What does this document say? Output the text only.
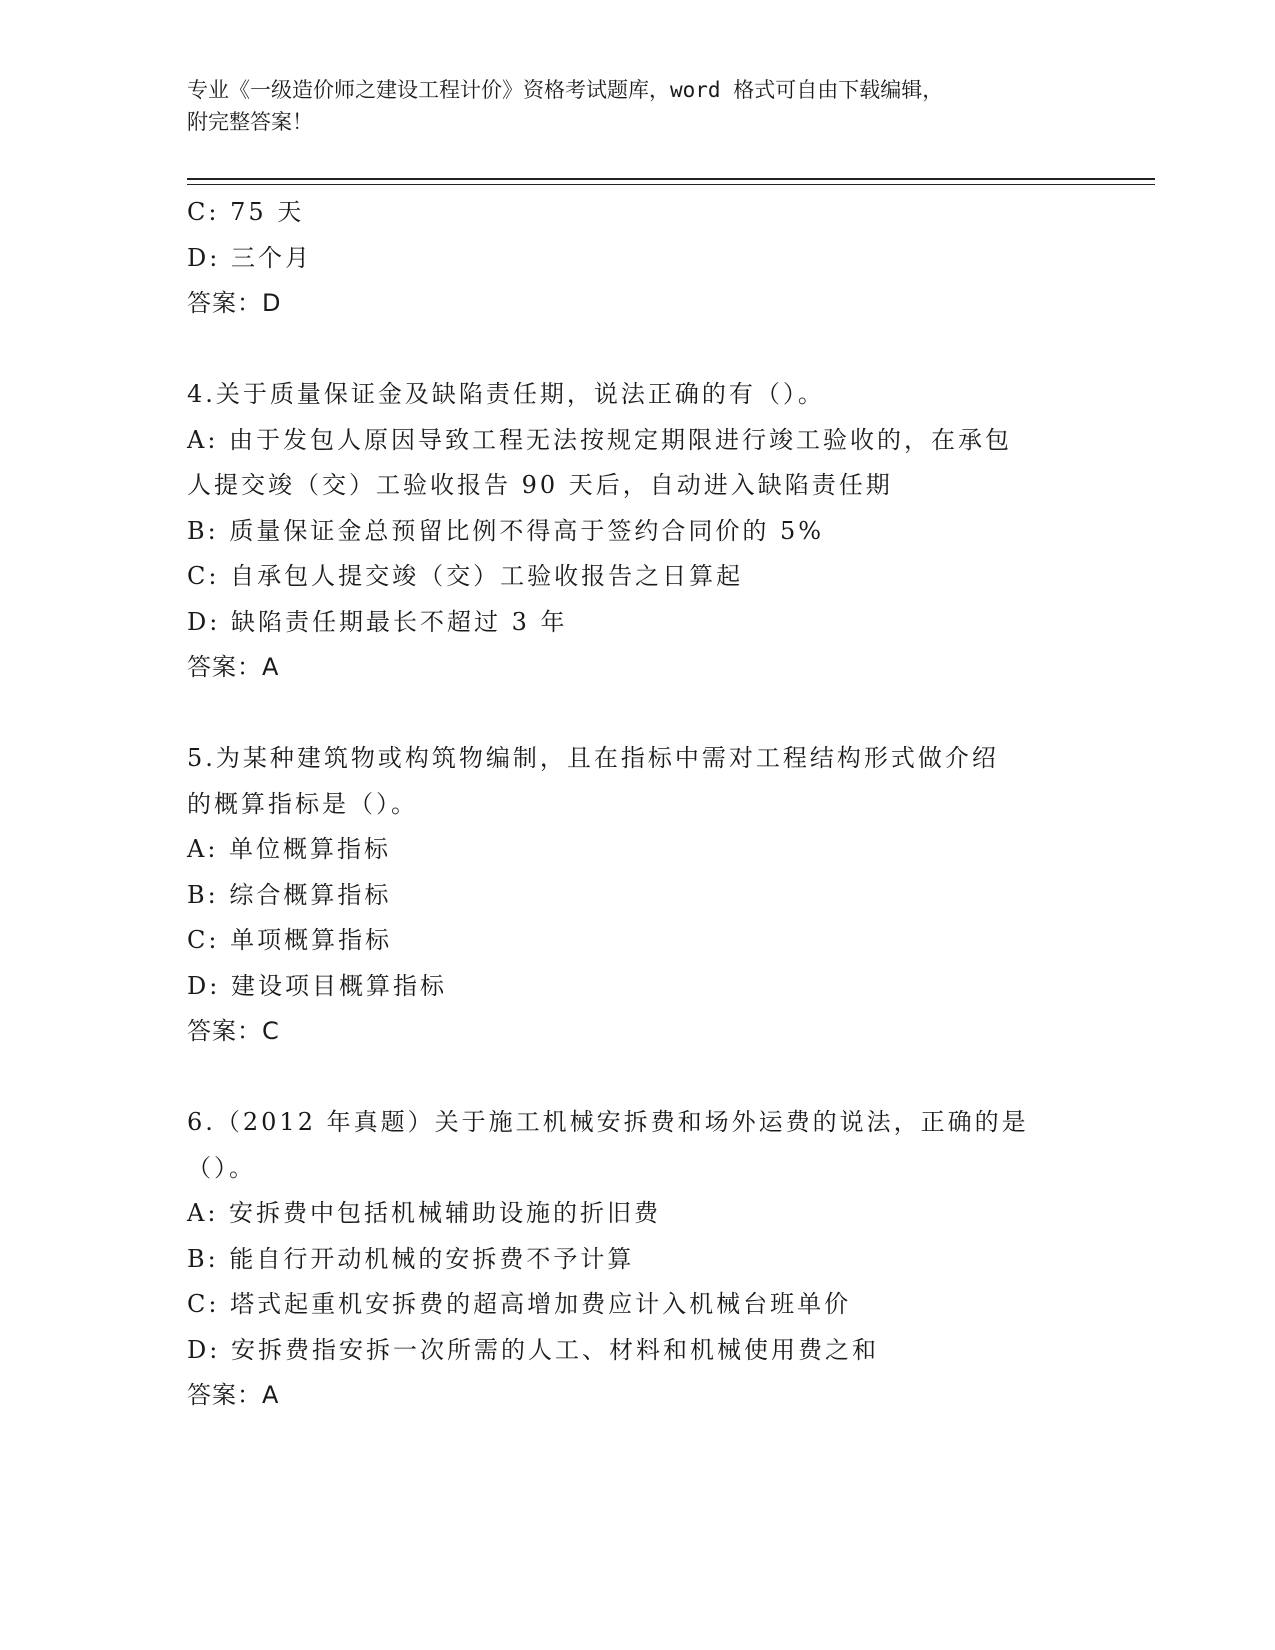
专业《一级造价师之建设工程计价》资格考试题库，word 格式可自由下载编辑，
附完整答案！

C: 75 天

D: 三个月

答案：D

4.关于质量保证金及缺陷责任期，说法正确的有（）。

A: 由于发包人原因导致工程无法按规定期限进行竣工验收的，在承包

人提交竣（交）工验收报告 90 天后，自动进入缺陷责任期

B: 质量保证金总预留比例不得高于签约合同价的 5%

C: 自承包人提交竣（交）工验收报告之日算起

D: 缺陷责任期最长不超过 3 年

答案：A

5.为某种建筑物或构筑物编制，且在指标中需对工程结构形式做介绍

的概算指标是（）。

A: 单位概算指标

B: 综合概算指标

C: 单项概算指标

D: 建设项目概算指标

答案：C

6.（2012 年真题）关于施工机械安拆费和场外运费的说法，正确的是

（）。

A: 安拆费中包括机械辅助设施的折旧费

B: 能自行开动机械的安拆费不予计算

C: 塔式起重机安拆费的超高增加费应计入机械台班单价

D: 安拆费指安拆一次所需的人工、材料和机械使用费之和

答案：A
